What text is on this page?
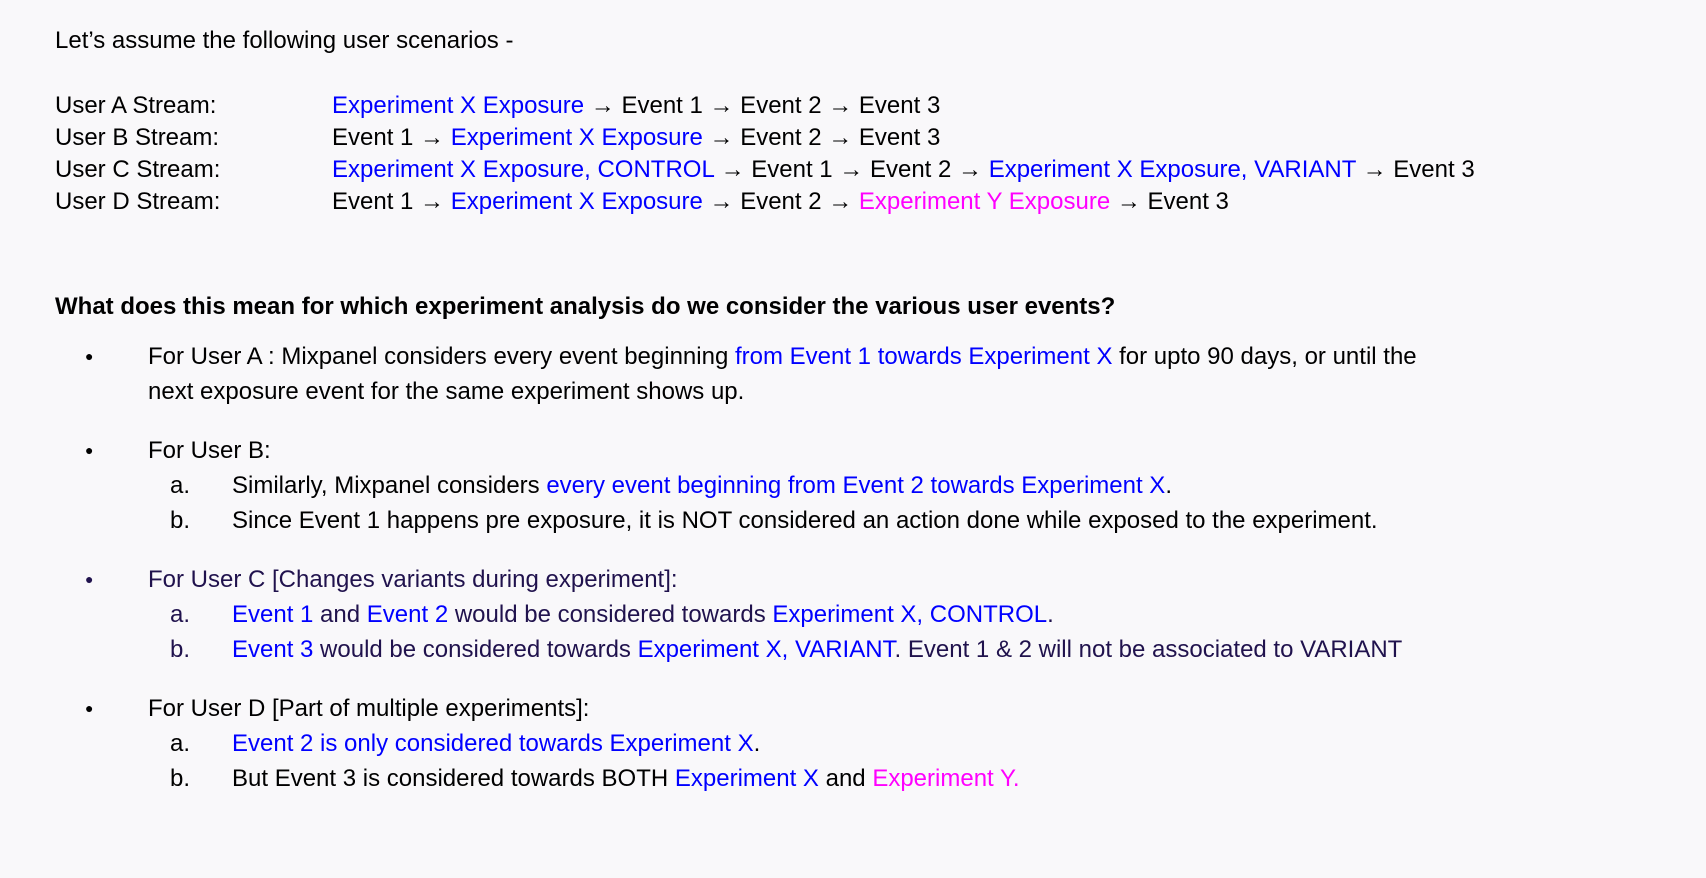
Let’s assume the following user scenarios -
User A Stream:	Experiment X Exposure → Event 1 → Event 2 → Event 3
User B Stream:	Event 1 → Experiment X Exposure → Event 2 → Event 3
User C Stream:	Experiment X Exposure, CONTROL → Event 1 → Event 2 → Experiment X Exposure, VARIANT → Event 3
User D Stream:	Event 1 → Experiment X Exposure → Event 2 → Experiment Y Exposure → Event 3
What does this mean for which experiment analysis do we consider the various user events?
●	For User A : Mixpanel considers every event beginning from Event 1 towards Experiment X for upto 90 days, or until the
next exposure event for the same experiment shows up.
●	For User B:
a.	Similarly, Mixpanel considers every event beginning from Event 2 towards Experiment X.
b.	Since Event 1 happens pre exposure, it is NOT considered an action done while exposed to the experiment.
●	For User C [Changes variants during experiment]:
a.	Event 1 and Event 2 would be considered towards Experiment X, CONTROL.
b.	Event 3 would be considered towards Experiment X, VARIANT. Event 1 & 2 will not be associated to VARIANT
●	For User D [Part of multiple experiments]:
a.	Event 2 is only considered towards Experiment X.
b.	But Event 3 is considered towards BOTH Experiment X and Experiment Y.
